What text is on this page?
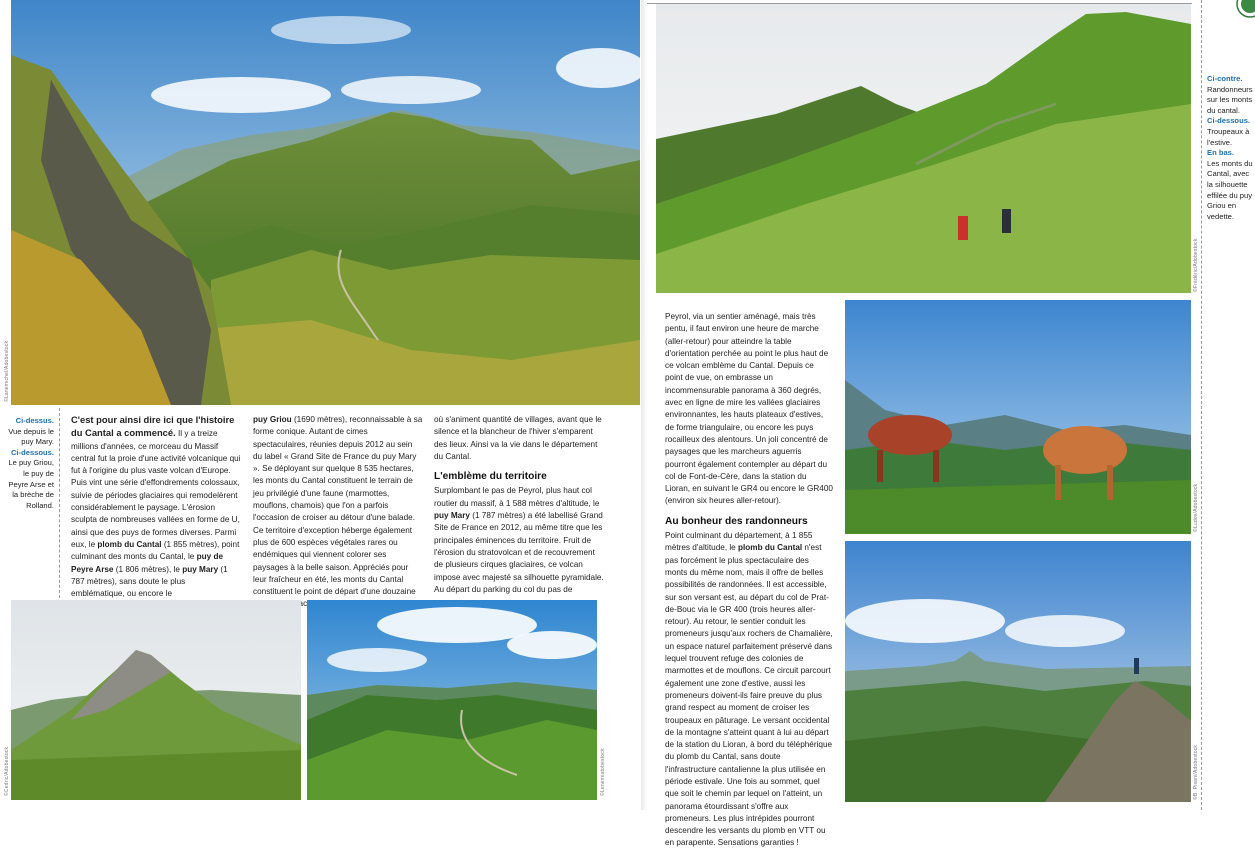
©Lanemichel/Adobestock
Ci-dessus.
Vue depuis le puy Mary.
Ci-dessous.
Le puy Griou, le puy de Peyre Arse et la brèche de Rolland.

C'est pour ainsi dire ici que l'histoire du Cantal a commencé. Il y a treize millions d'années, ce morceau du Massif central fut la proie d'une activité volcanique qui fut à l'origine du plus vaste volcan d'Europe. Puis vint une série d'effondrements colossaux, suivie de périodes glaciaires qui remodelèrent considérablement le paysage. L'érosion sculpta de nombreuses vallées en forme de U, ainsi que des puys de formes diverses. Parmi eux, le plomb du Cantal (1 855 mètres), point culminant des monts du Cantal, le puy de Peyre Arse (1 806 mètres), le puy Mary (1 787 mètres), sans doute le plus emblématique, ou encore le

puy Griou (1690 mètres), reconnaissable à sa forme conique. Autant de cimes spectaculaires, réunies depuis 2012 au sein du label « Grand Site de France du puy Mary ». Se déployant sur quelque 8 535 hectares, les monts du Cantal constituent le terrain de jeu privilégié d'une faune (marmottes, mouflons, chamois) que l'on a parfois l'occasion de croiser au détour d'une balade. Ce territoire d'exception héberge également plus de 600 espèces végétales rares ou endémiques qui viennent colorer ses paysages à la belle saison. Appréciés pour leur fraîcheur en été, les monts du Cantal constituent le point de départ d'une douzaine

où s'animent quantité de villages, avant que le silence et la blancheur de l'hiver s'emparent des lieux. Ainsi va la vie dans le département du Cantal.

L'emblème du territoire

Surplombant le pas de Peyrol, plus haut col routier du massif, à 1 588 mètres d'altitude, le puy Mary (1 787 mètres) a été labellisé Grand Site de France en 2012, au même titre que les principales éminences du territoire. Fruit de l'érosion du stratovolcan et de recouvrement de plusieurs cirques glaciaires, ce volcan impose avec majesté sa silhouette pyramidale. Au départ du parking du col du pas de

©Cedric/Adobestock	©Lenemiatobestock
©Frédéric/Adobestock
Ci-contre.
Randonneurs sur les monts du cantal.
Ci-dessous.
Troupeaux à l'estive.
En bas.
Les monts du Cantal, avec la silhouette effilée du puy Griou en vedette.

Peyrol, via un sentier aménagé, mais très pentu, il faut environ une heure de marche (aller-retour) pour atteindre la table d'orientation perchée au point le plus haut de ce volcan emblème du Cantal. Depuis ce point de vue, on embrasse un incommensurable panorama à 360 degrés, avec en ligne de mire les vallées glaciaires environnantes, les hauts plateaux d'estives, de forme triangulaire, ou encore les puys rocailleux des alentours. Un joli concentré de paysages que les marcheurs aguerris pourront également contempler au départ du col de Font-de-Cère, dans la station du Lioran, en suivant le GR4 ou encore le GR400 (environ six heures aller-retour).

Au bonheur des randonneurs

Point culminant du département, à 1 855 mètres d'altitude, le plomb du Cantal n'est pas forcément le plus spectaculaire des monts du même nom, mais il offre de belles possibilités de randonnées. Il est accessible, sur son versant est, au départ du col de Prat-de-Bouc via le GR 400 (trois heures aller-retour). Au retour, le sentier conduit les promeneurs jusqu'aux rochers de Chamalière, un espace naturel parfaitement préservé dans lequel trouvent refuge des colonies de marmottes et de mouflons. Ce circuit parcourt également une zone d'estive, aussi les promeneurs doivent-ils faire preuve du plus grand respect au moment de croiser les troupeaux en pâturage. Le versant occidental de la montagne s'atteint quant à lui au départ de la station du Lioran, à bord du téléphérique du plomb du Cantal, sans doute l'infrastructure cantalienne la plus utilisée en période estivale. Une fois au sommet, quel que soit le chemin par lequel on l'atteint, un panorama étourdissant s'offre aux promeneurs. Les plus intrépides pourront descendre les versants du plomb en VTT ou en parapente. Sensations garanties !

©Ludov/Adobestock
©B. Pisani/Adobestock
